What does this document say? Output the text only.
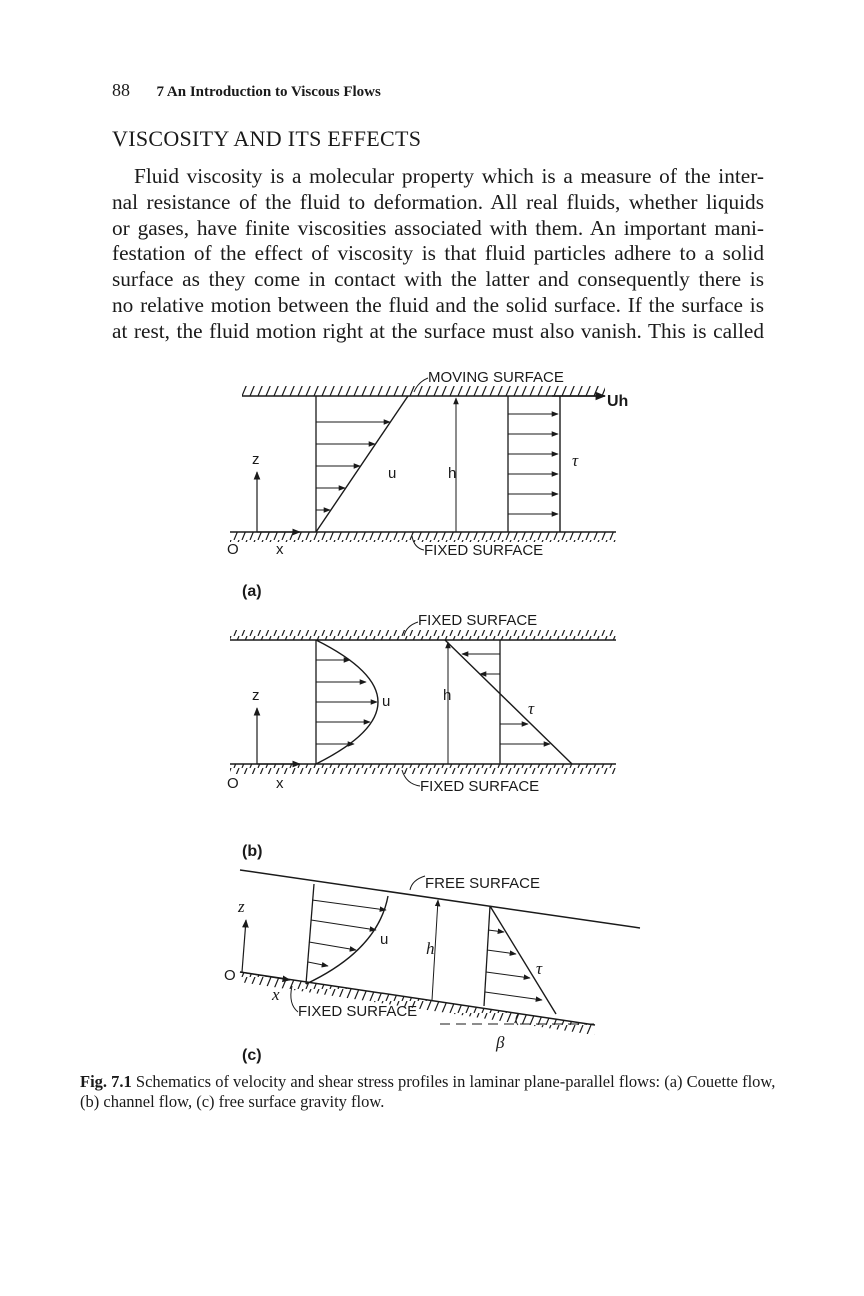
88 7 An Introduction to Viscous Flows
VISCOSITY AND ITS EFFECTS
Fluid viscosity is a molecular property which is a measure of the inter-
nal resistance of the fluid to deformation. All real fluids, whether liquids
or gases, have finite viscosities associated with them. An important mani-
festation of the effect of viscosity is that fluid particles adhere to a solid
surface as they come in contact with the latter and consequently there is
no relative motion between the fluid and the solid surface. If the surface is
at rest, the fluid motion right at the surface must also vanish. This is called
Uh
u	h
τ
z
O x
MOVING SURFACE
FIXED SURFACE
(a)
u	h
τ
z
O x
FIXED SURFACE
FIXED SURFACE
(b)
β
u h
τ
z
O
x
FREE SURFACE
FIXED SURFACE
(c)
Fig. 7.1 Schematics of velocity and shear stress profiles in laminar plane-parallel flows: (a) Couette flow, (b) channel flow, (c) free surface gravity flow.
